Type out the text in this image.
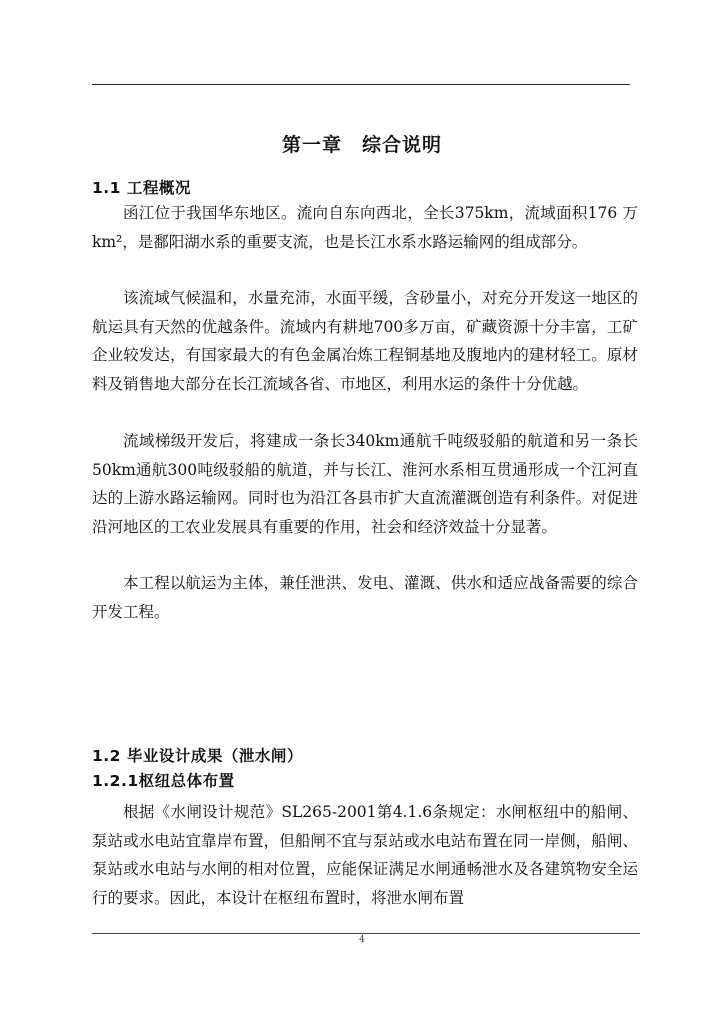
第一章　综合说明
1.1 工程概况

函江位于我国华东地区。流向自东向西北，全长375km，流域面积176 万km²，是鄱阳湖水系的重要支流，也是长江水系水路运输网的组成部分。

该流域气候温和，水量充沛，水面平缓，含砂量小，对充分开发这一地区的航运具有天然的优越条件。流域内有耕地700多万亩，矿藏资源十分丰富，工矿企业较发达，有国家最大的有色金属冶炼工程铜基地及腹地内的建材轻工。原材料及销售地大部分在长江流域各省、市地区，利用水运的条件十分优越。

流域梯级开发后，将建成一条长340km通航千吨级驳船的航道和另一条长50km通航300吨级驳船的航道，并与长江、淮河水系相互贯通形成一个江河直达的上游水路运输网。同时也为沿江各县市扩大直流灌溉创造有利条件。对促进沿河地区的工农业发展具有重要的作用，社会和经济效益十分显著。

本工程以航运为主体，兼任泄洪、发电、灌溉、供水和适应战备需要的综合开发工程。

1.2 毕业设计成果（泄水闸）
1.2.1枢纽总体布置

根据《水闸设计规范》SL265-2001第4.1.6条规定：水闸枢纽中的船闸、泵站或水电站宜靠岸布置，但船闸不宜与泵站或水电站布置在同一岸侧，船闸、泵站或水电站与水闸的相对位置，应能保证满足水闸通畅泄水及各建筑物安全运行的要求。因此，本设计在枢纽布置时，将泄水闸布置

4
